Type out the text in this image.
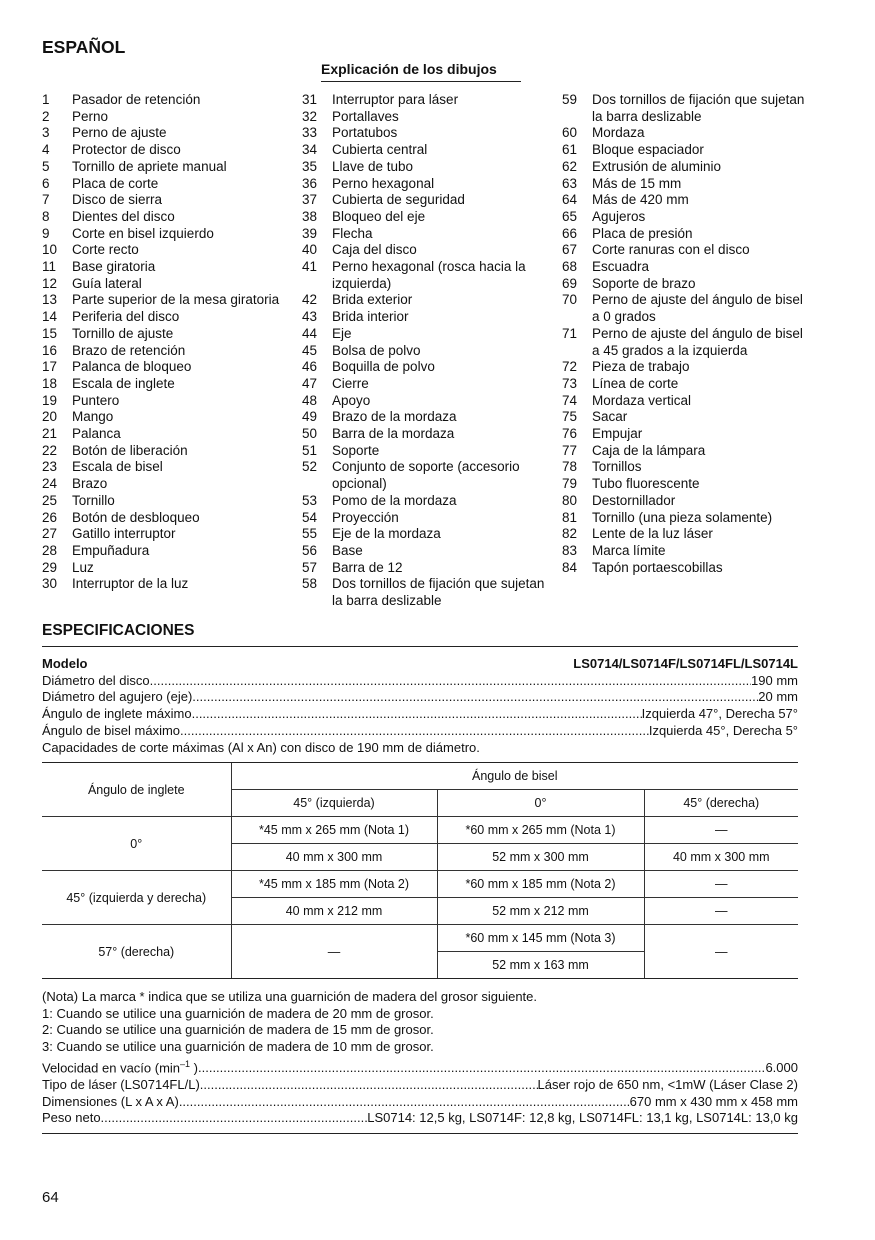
ESPAÑOL
Explicación de los dibujos
1	Pasador de retención
2	Perno
3	Perno de ajuste
4	Protector de disco
5	Tornillo de apriete manual
6	Placa de corte
7	Disco de sierra
8	Dientes del disco
9	Corte en bisel izquierdo
10	Corte recto
11	Base giratoria
12	Guía lateral
13	Parte superior de la mesa giratoria
14	Periferia del disco
15	Tornillo de ajuste
16	Brazo de retención
17	Palanca de bloqueo
18	Escala de inglete
19	Puntero
20	Mango
21	Palanca
22	Botón de liberación
23	Escala de bisel
24	Brazo
25	Tornillo
26	Botón de desbloqueo
27	Gatillo interruptor
28	Empuñadura
29	Luz
30	Interruptor de la luz
31	Interruptor para láser
32	Portallaves
33	Portatubos
34	Cubierta central
35	Llave de tubo
36	Perno hexagonal
37	Cubierta de seguridad
38	Bloqueo del eje
39	Flecha
40	Caja del disco
41	Perno hexagonal (rosca hacia la izquierda)
42	Brida exterior
43	Brida interior
44	Eje
45	Bolsa de polvo
46	Boquilla de polvo
47	Cierre
48	Apoyo
49	Brazo de la mordaza
50	Barra de la mordaza
51	Soporte
52	Conjunto de soporte (accesorio opcional)
53	Pomo de la mordaza
54	Proyección
55	Eje de la mordaza
56	Base
57	Barra de 12
58	Dos tornillos de fijación que sujetan la barra deslizable
59	Dos tornillos de fijación que sujetan la barra deslizable
60	Mordaza
61	Bloque espaciador
62	Extrusión de aluminio
63	Más de 15 mm
64	Más de 420 mm
65	Agujeros
66	Placa de presión
67	Corte ranuras con el disco
68	Escuadra
69	Soporte de brazo
70	Perno de ajuste del ángulo de bisel a 0 grados
71	Perno de ajuste del ángulo de bisel a 45 grados a la izquierda
72	Pieza de trabajo
73	Línea de corte
74	Mordaza vertical
75	Sacar
76	Empujar
77	Caja de la lámpara
78	Tornillos
79	Tubo fluorescente
80	Destornillador
81	Tornillo (una pieza solamente)
82	Lente de la luz láser
83	Marca límite
84	Tapón portaescobillas
ESPECIFICACIONES
Modelo	LS0714/LS0714F/LS0714FL/LS0714L
Diámetro del disco .....	190 mm
Diámetro del agujero (eje) .....	20 mm
Ángulo de inglete máximo .....	Izquierda 47°, Derecha 57°
Ángulo de bisel máximo .....	Izquierda 45°, Derecha 5°
Capacidades de corte máximas (Al x An) con disco de 190 mm de diámetro.
Ángulo de inglete	Ángulo de bisel		
	45° (izquierda)	0°	45° (derecha)
0°	*45 mm x 265 mm (Nota 1)	*60 mm x 265 mm (Nota 1)	—
	40 mm x 300 mm	52 mm x 300 mm	40 mm x 300 mm
45° (izquierda y derecha)	*45 mm x 185 mm (Nota 2)	*60 mm x 185 mm (Nota 2)	—
	40 mm x 212 mm	52 mm x 212 mm	—
57° (derecha)	—	*60 mm x 145 mm (Nota 3)	—
		52 mm x 163 mm	

(Nota) La marca * indica que se utiliza una guarnición de madera del grosor siguiente.

1: Cuando se utilice una guarnición de madera de 20 mm de grosor.

2: Cuando se utilice una guarnición de madera de 15 mm de grosor.

3: Cuando se utilice una guarnición de madera de 10 mm de grosor.

Velocidad en vacío ($\min^{-1}$ ) .....	6.000
Tipo de láser (LS0714FL/L) .....	Láser rojo de 650 nm, <1mW (Láser Clase 2)
Dimensiones (L x A x A) .....	670 mm x 430 mm x 458 mm
Peso neto .....	LS0714: 12,5 kg, LS0714F: 12,8 kg, LS0714FL: 13,1 kg, LS0714L: 13,0 kg

64
